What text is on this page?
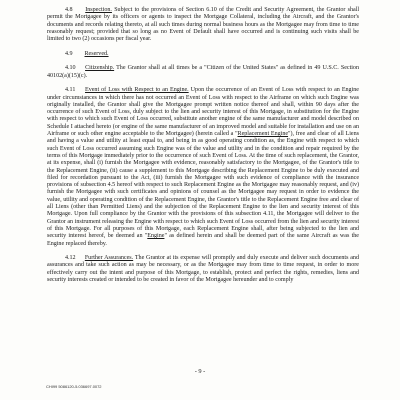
4.8 Inspection. Subject to the provisions of Section 6.10 of the Credit and Security Agreement, the Grantor shall permit the Mortgagee by its officers or agents to inspect the Mortgage Collateral, including the Aircraft, and the Grantor's documents and records relating thereto, at all such times during normal business hours as the Mortgagee may from time to time reasonably request; provided that so long as no Event of Default shall have occurred and is continuing such visits shall be limited to two (2) occasions per fiscal year.

4.9 Reserved.

4.10 Citizenship. The Grantor shall at all times be a "Citizen of the United States" as defined in 49 U.S.C. Section 40102(a)(15)(c).

4.11 Event of Loss with Respect to an Engine. Upon the occurrence of an Event of Loss with respect to an Engine under circumstances in which there has not occurred an Event of Loss with respect to the Airframe on which such Engine was originally installed, the Grantor shall give the Mortgagee prompt written notice thereof and shall, within 90 days after the occurrence of such Event of Loss, duly subject to the lien and security interest of this Mortgage, in substitution for the Engine with respect to which such Event of Loss occurred, substitute another engine of the same manufacturer and model described on Schedule I attached hereto (or engine of the same manufacturer of an improved model and suitable for installation and use on an Airframe or such other engine acceptable to the Mortgagee) (herein called a "Replacement Engine"), free and clear of all Liens and having a value and utility at least equal to, and being in as good operating condition as, the Engine with respect to which such Event of Loss occurred assuming such Engine was of the value and utility and in the condition and repair required by the terms of this Mortgage immediately prior to the occurrence of such Event of Loss. At the time of such replacement, the Grantor, at its expense, shall (i) furnish the Mortgagee with evidence, reasonably satisfactory to the Mortgagee, of the Grantor's title to the Replacement Engine, (ii) cause a supplement to this Mortgage describing the Replacement Engine to be duly executed and filed for recordation pursuant to the Act, (iii) furnish the Mortgagee with such evidence of compliance with the insurance provisions of subsection 4.5 hereof with respect to such Replacement Engine as the Mortgagee may reasonably request, and (iv) furnish the Mortgagee with such certificates and opinions of counsel as the Mortgagee may request in order to evidence the value, utility and operating condition of the Replacement Engine, the Grantor's title to the Replacement Engine free and clear of all Liens (other than Permitted Liens) and the subjection of the Replacement Engine to the lien and security interest of this Mortgage. Upon full compliance by the Grantor with the provisions of this subsection 4.11, the Mortgagee will deliver to the Grantor an instrument releasing the Engine with respect to which such Event of Loss occurred from the lien and security interest of this Mortgage. For all purposes of this Mortgage, each Replacement Engine shall, after being subjected to the lien and security interest hereof, be deemed an "Engine" as defined herein and shall be deemed part of the same Aircraft as was the Engine replaced thereby.

4.12 Further Assurances. The Grantor at its expense will promptly and duly execute and deliver such documents and assurances and take such action as may be necessary, or as the Mortgagee may from time to time request, in order to more effectively carry out the intent and purpose of this Mortgage, to establish, protect and perfect the rights, remedies, liens and security interests created or intended to be created in favor of the Mortgagee hereunder and to comply

- 9 -
CHI99 5086120-5.036697.0072
